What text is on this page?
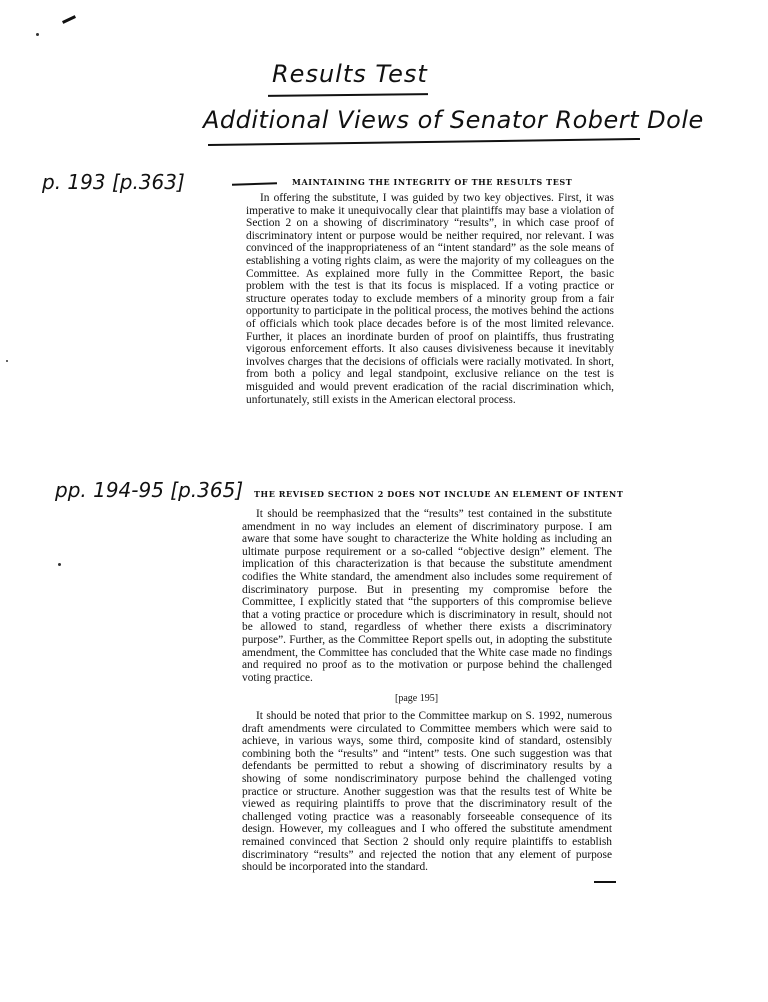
Results Test
Additional Views of Senator Robert Dole
p. 193 [p.363]
pp. 194-95 [p.365]
MAINTAINING THE INTEGRITY OF THE RESULTS TEST

In offering the substitute, I was guided by two key objectives. First, it was imperative to make it unequivocally clear that plaintiffs may base a violation of Section 2 on a showing of discriminatory “results”, in which case proof of discriminatory intent or purpose would be neither required, nor relevant. I was convinced of the inappropriateness of an “intent standard” as the sole means of establishing a voting rights claim, as were the majority of my colleagues on the Committee. As explained more fully in the Committee Report, the basic problem with the test is that its focus is misplaced. If a voting practice or structure operates today to exclude members of a minority group from a fair opportunity to participate in the political process, the motives behind the actions of officials which took place decades before is of the most limited relevance. Further, it places an inordinate burden of proof on plaintiffs, thus frustrating vigorous enforcement efforts. It also causes divisiveness because it inevitably involves charges that the decisions of officials were racially motivated. In short, from both a policy and legal standpoint, exclusive reliance on the test is misguided and would prevent eradication of the racial discrimination which, unfortunately, still exists in the American electoral process.

THE REVISED SECTION 2 DOES NOT INCLUDE AN ELEMENT OF INTENT

It should be reemphasized that the “results” test contained in the substitute amendment in no way includes an element of discriminatory purpose. I am aware that some have sought to characterize the White holding as including an ultimate purpose requirement or a so-called “objective design” element. The implication of this characterization is that because the substitute amendment codifies the White standard, the amendment also includes some requirement of discriminatory purpose. But in presenting my compromise before the Committee, I explicitly stated that “the supporters of this compromise believe that a voting practice or procedure which is discriminatory in result, should not be allowed to stand, regardless of whether there exists a discriminatory purpose”. Further, as the Committee Report spells out, in adopting the substitute amendment, the Committee has concluded that the White case made no findings and required no proof as to the motivation or purpose behind the challenged voting practice.

[page 195]

It should be noted that prior to the Committee markup on S. 1992, numerous draft amendments were circulated to Committee members which were said to achieve, in various ways, some third, composite kind of standard, ostensibly combining both the “results” and “intent” tests. One such suggestion was that defendants be permitted to rebut a showing of discriminatory results by a showing of some nondiscriminatory purpose behind the challenged voting practice or structure. Another suggestion was that the results test of White be viewed as requiring plaintiffs to prove that the discriminatory result of the challenged voting practice was a reasonably forseeable consequence of its design. However, my colleagues and I who offered the substitute amendment remained convinced that Section 2 should only require plaintiffs to establish discriminatory “results” and rejected the notion that any element of purpose should be incorporated into the standard.
